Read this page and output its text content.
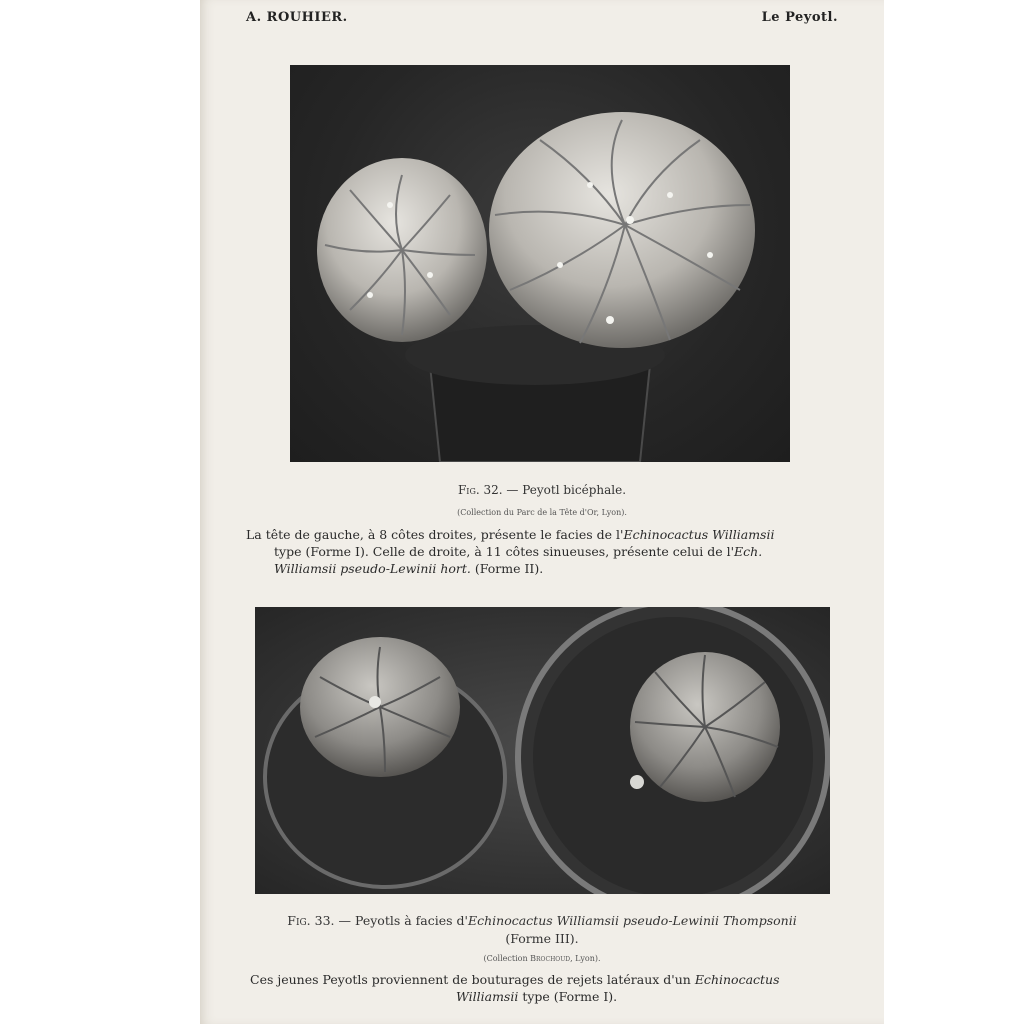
A. ROUHIER.	Le Peyotl.
Fig. 32. — Peyotl bicéphale.
(Collection du Parc de la Tête d'Or, Lyon).
La tête de gauche, à 8 côtes droites, présente le facies de l'Echinocactus Williamsii
type (Forme I). Celle de droite, à 11 côtes sinueuses, présente celui de l'Ech.
Williamsii pseudo-Lewinii hort. (Forme II).
Fig. 33. — Peyotls à facies d'Echinocactus Williamsii pseudo-Lewinii Thompsonii
(Forme III).
(Collection Brochoud, Lyon).
Ces jeunes Peyotls proviennent de bouturages de rejets latéraux d'un Echinocactus
Williamsii type (Forme I).
